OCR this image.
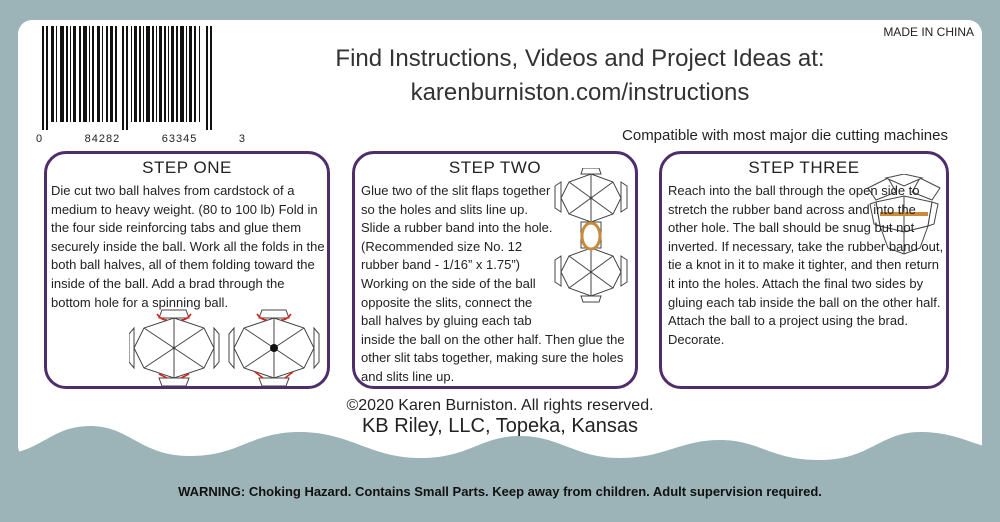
0	84282	63345	3
MADE IN CHINA
Find Instructions, Videos and Project Ideas at:
karenburniston.com/instructions
Compatible with most major die cutting machines
STEP ONE

Die cut two ball halves from cardstock of a medium to heavy weight. (80 to 100 lb) Fold in the four side reinforcing tabs and glue them securely inside the ball. Work all the folds in the both ball halves, all of them folding toward the inside of the ball. Add a brad through the bottom hole for a spinning ball.

STEP TWO

Glue two of the slit flaps together so the holes and slits line up. Slide a rubber band into the hole. (Recommended size No. 12 rubber band - 1/16” x 1.75”) Working on the side of the ball opposite the slits, connect the ball halves by gluing each tab inside the ball on the other half. Then glue the other slit tabs together, making sure the holes and slits line up.

STEP THREE

Reach into the ball through the open side to stretch the rubber band across and into the other hole. The ball should be snug but not inverted. If necessary, take the rubber band out, tie a knot in it to make it tighter, and then return it into the holes. Attach the final two sides by gluing each tab inside the ball on the other half. Attach the ball to a project using the brad. Decorate.

©2020 Karen Burniston. All rights reserved.
KB Riley, LLC, Topeka, Kansas
WARNING: Choking Hazard. Contains Small Parts. Keep away from children. Adult supervision required.
